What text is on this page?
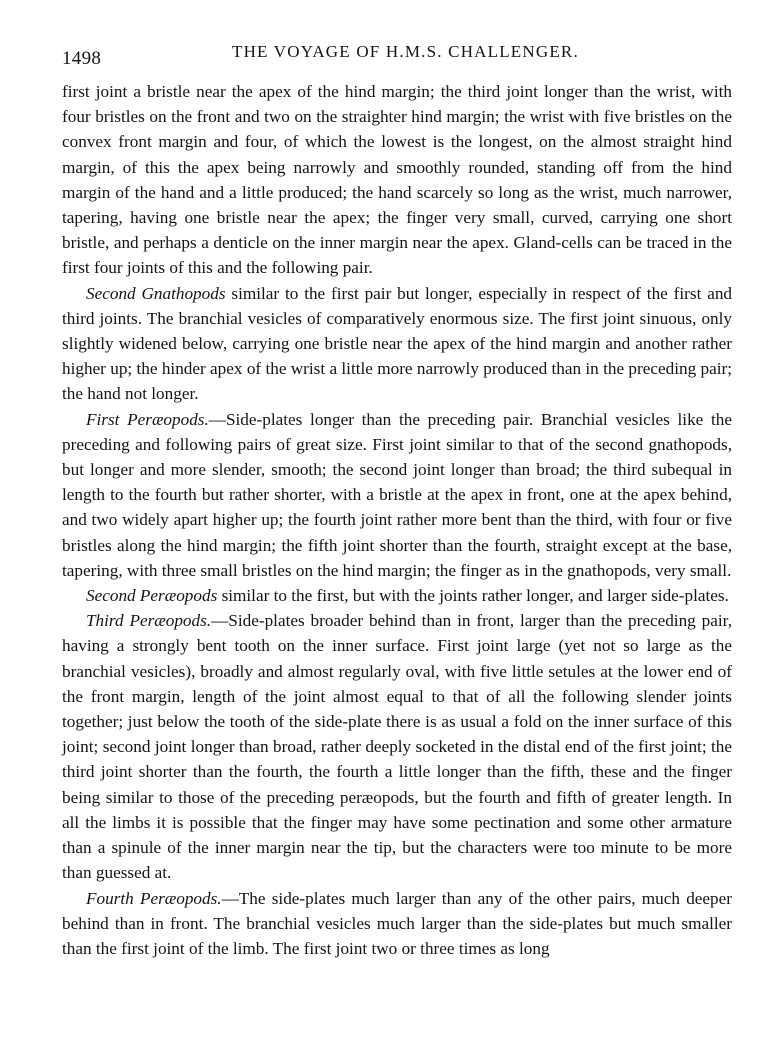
1498	THE VOYAGE OF H.M.S. CHALLENGER.

first joint a bristle near the apex of the hind margin; the third joint longer than the wrist, with four bristles on the front and two on the straighter hind margin; the wrist with five bristles on the convex front margin and four, of which the lowest is the longest, on the almost straight hind margin, of this the apex being narrowly and smoothly rounded, standing off from the hind margin of the hand and a little produced; the hand scarcely so long as the wrist, much narrower, tapering, having one bristle near the apex; the finger very small, curved, carrying one short bristle, and perhaps a denticle on the inner margin near the apex. Gland-cells can be traced in the first four joints of this and the following pair.

Second Gnathopods similar to the first pair but longer, especially in respect of the first and third joints. The branchial vesicles of comparatively enormous size. The first joint sinuous, only slightly widened below, carrying one bristle near the apex of the hind margin and another rather higher up; the hinder apex of the wrist a little more narrowly produced than in the preceding pair; the hand not longer.

First Peræopods.—Side-plates longer than the preceding pair. Branchial vesicles like the preceding and following pairs of great size. First joint similar to that of the second gnathopods, but longer and more slender, smooth; the second joint longer than broad; the third subequal in length to the fourth but rather shorter, with a bristle at the apex in front, one at the apex behind, and two widely apart higher up; the fourth joint rather more bent than the third, with four or five bristles along the hind margin; the fifth joint shorter than the fourth, straight except at the base, tapering, with three small bristles on the hind margin; the finger as in the gnathopods, very small.

Second Peræopods similar to the first, but with the joints rather longer, and larger side-plates.

Third Peræopods.—Side-plates broader behind than in front, larger than the preceding pair, having a strongly bent tooth on the inner surface. First joint large (yet not so large as the branchial vesicles), broadly and almost regularly oval, with five little setules at the lower end of the front margin, length of the joint almost equal to that of all the following slender joints together; just below the tooth of the side-plate there is as usual a fold on the inner surface of this joint; second joint longer than broad, rather deeply socketed in the distal end of the first joint; the third joint shorter than the fourth, the fourth a little longer than the fifth, these and the finger being similar to those of the preceding peræopods, but the fourth and fifth of greater length. In all the limbs it is possible that the finger may have some pectination and some other armature than a spinule of the inner margin near the tip, but the characters were too minute to be more than guessed at.

Fourth Peræopods.—The side-plates much larger than any of the other pairs, much deeper behind than in front. The branchial vesicles much larger than the side-plates but much smaller than the first joint of the limb. The first joint two or three times as long
